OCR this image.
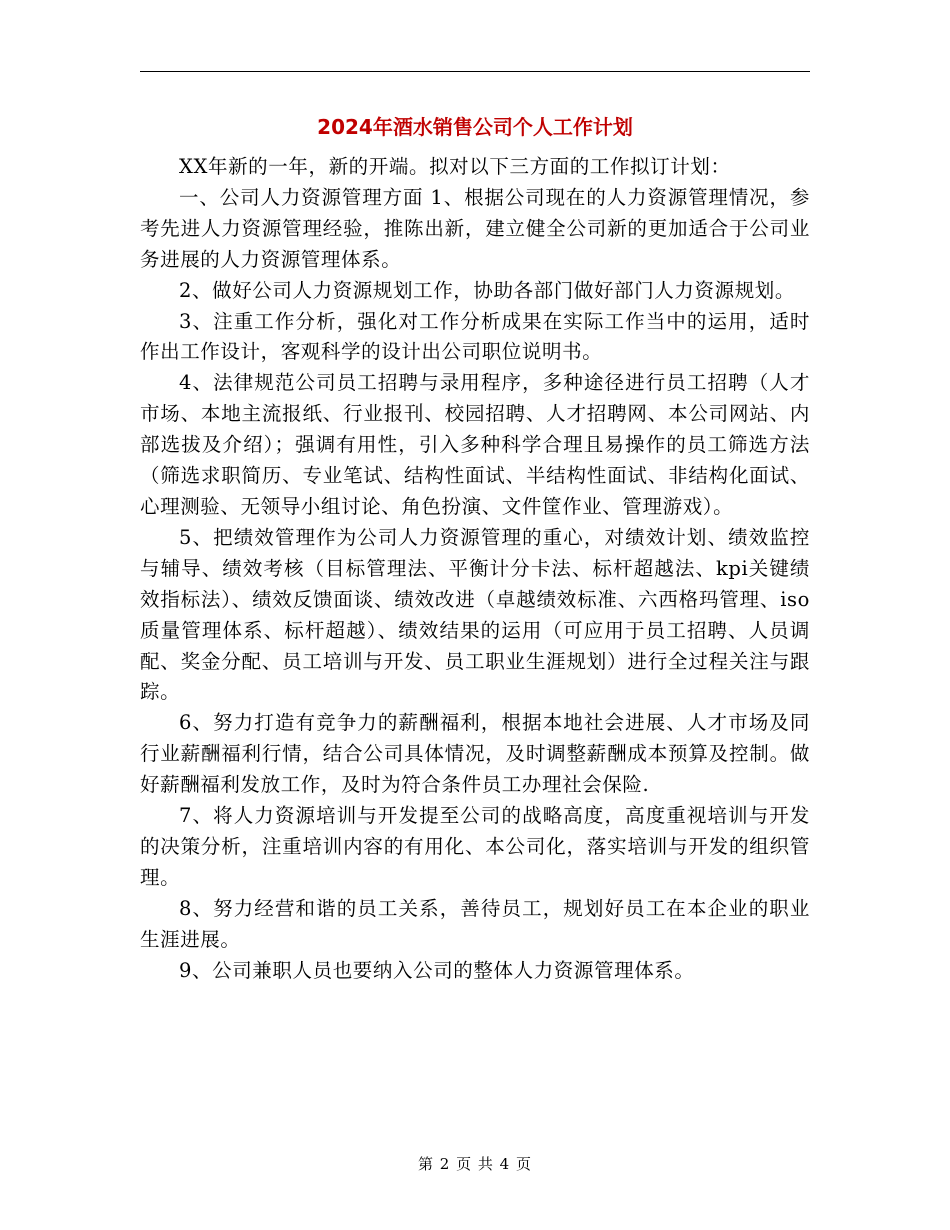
2024年酒水销售公司个人工作计划

XX年新的一年，新的开端。拟对以下三方面的工作拟订计划：

一、公司人力资源管理方面 1、根据公司现在的人力资源管理情况，参考先进人力资源管理经验，推陈出新，建立健全公司新的更加适合于公司业务进展的人力资源管理体系。

2、做好公司人力资源规划工作，协助各部门做好部门人力资源规划。

3、注重工作分析，强化对工作分析成果在实际工作当中的运用，适时作出工作设计，客观科学的设计出公司职位说明书。

4、法律规范公司员工招聘与录用程序，多种途径进行员工招聘（人才市场、本地主流报纸、行业报刊、校园招聘、人才招聘网、本公司网站、内部选拔及介绍）；强调有用性，引入多种科学合理且易操作的员工筛选方法（筛选求职简历、专业笔试、结构性面试、半结构性面试、非结构化面试、心理测验、无领导小组讨论、角色扮演、文件筐作业、管理游戏）。

5、把绩效管理作为公司人力资源管理的重心，对绩效计划、绩效监控与辅导、绩效考核（目标管理法、平衡计分卡法、标杆超越法、kpi关键绩效指标法）、绩效反馈面谈、绩效改进（卓越绩效标准、六西格玛管理、iso质量管理体系、标杆超越）、绩效结果的运用（可应用于员工招聘、人员调配、奖金分配、员工培训与开发、员工职业生涯规划）进行全过程关注与跟踪。

6、努力打造有竞争力的薪酬福利，根据本地社会进展、人才市场及同行业薪酬福利行情，结合公司具体情况，及时调整薪酬成本预算及控制。做好薪酬福利发放工作，及时为符合条件员工办理社会保险.

7、将人力资源培训与开发提至公司的战略高度，高度重视培训与开发的决策分析，注重培训内容的有用化、本公司化，落实培训与开发的组织管理。

8、努力经营和谐的员工关系，善待员工，规划好员工在本企业的职业生涯进展。

9、公司兼职人员也要纳入公司的整体人力资源管理体系。

第 2 页 共 4 页
